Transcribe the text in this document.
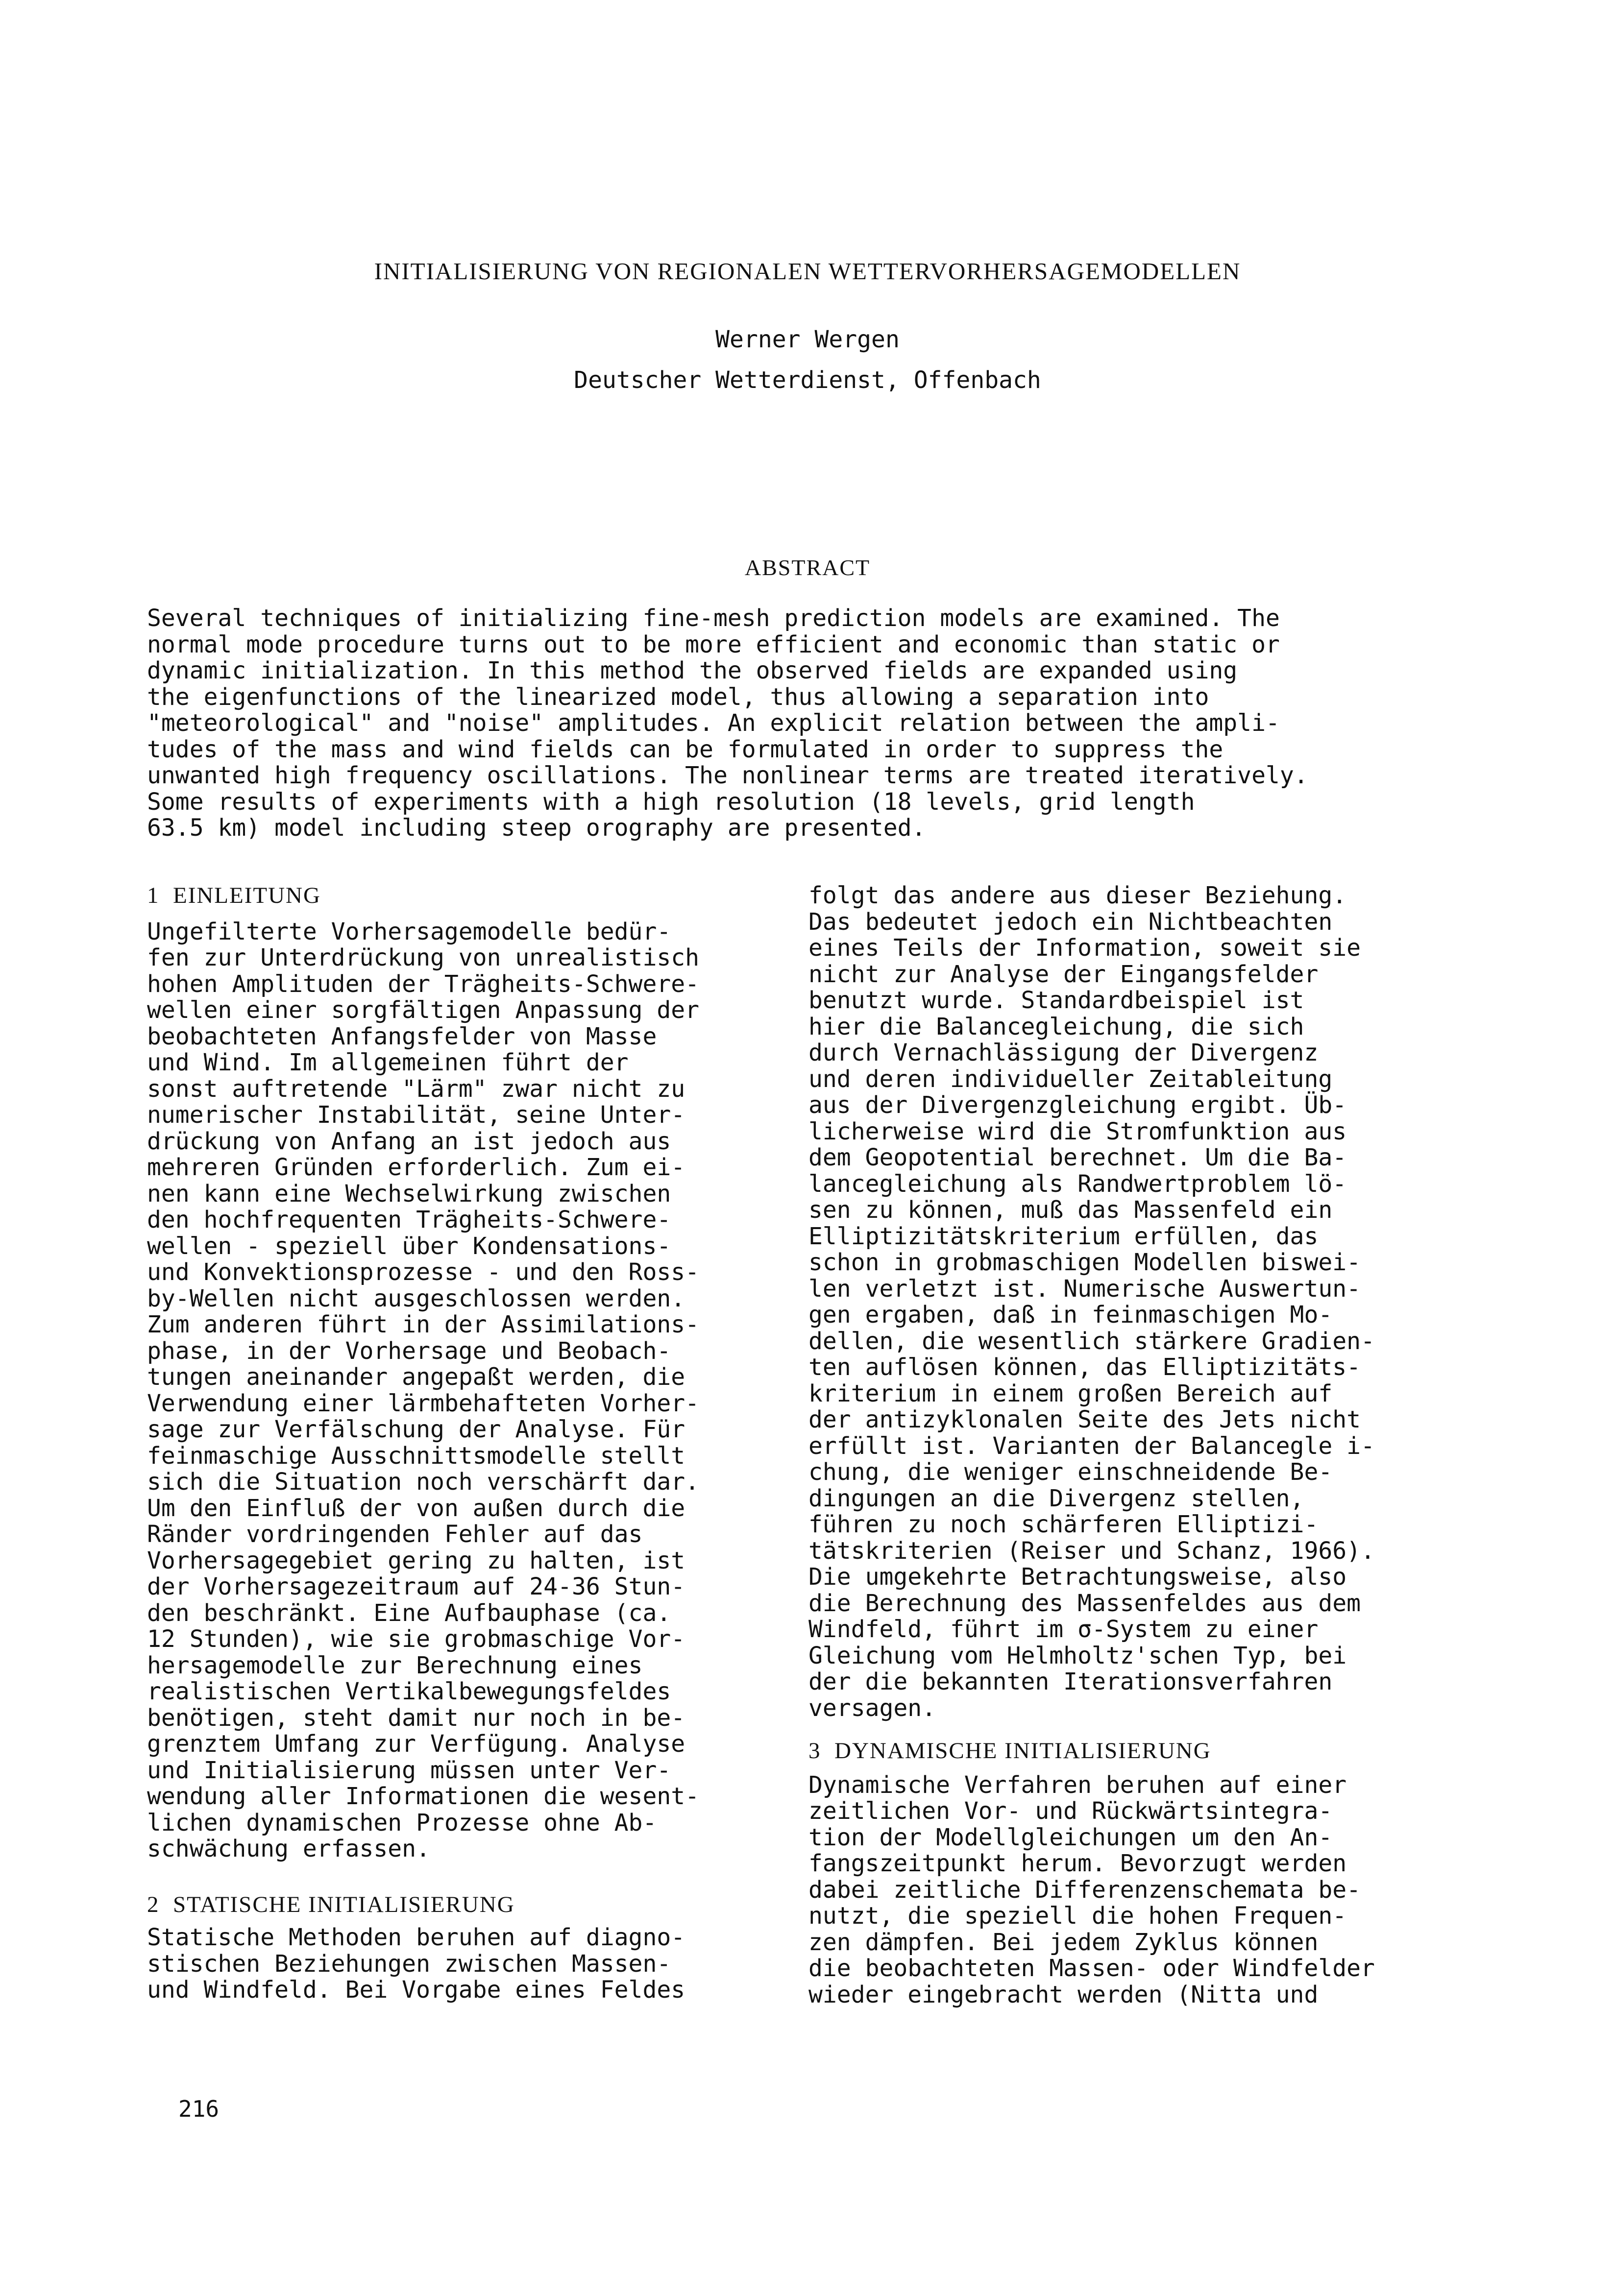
INITIALISIERUNG VON REGIONALEN WETTERVORHERSAGEMODELLEN
Werner Wergen
Deutscher Wetterdienst, Offenbach
ABSTRACT
Several techniques of initializing fine-mesh prediction models are examined. The
normal mode procedure turns out to be more efficient and economic than static or
dynamic initialization. In this method the observed fields are expanded using
the eigenfunctions of the linearized model, thus allowing a separation into
"meteorological" and "noise" amplitudes. An explicit relation between the ampli-
tudes of the mass and wind fields can be formulated in order to suppress the
unwanted high frequency oscillations. The nonlinear terms are treated iteratively.
Some results of experiments with a high resolution (18 levels, grid length
63.5 km) model including steep orography are presented.
1  EINLEITUNG
Ungefilterte Vorhersagemodelle bedür-
fen zur Unterdrückung von unrealistisch
hohen Amplituden der Trägheits-Schwere-
wellen einer sorgfältigen Anpassung der
beobachteten Anfangsfelder von Masse
und Wind. Im allgemeinen führt der
sonst auftretende "Lärm" zwar nicht zu
numerischer Instabilität, seine Unter-
drückung von Anfang an ist jedoch aus
mehreren Gründen erforderlich. Zum ei-
nen kann eine Wechselwirkung zwischen
den hochfrequenten Trägheits-Schwere-
wellen - speziell über Kondensations-
und Konvektionsprozesse - und den Ross-
by-Wellen nicht ausgeschlossen werden.
Zum anderen führt in der Assimilations-
phase, in der Vorhersage und Beobach-
tungen aneinander angepaßt werden, die
Verwendung einer lärmbehafteten Vorher-
sage zur Verfälschung der Analyse. Für
feinmaschige Ausschnittsmodelle stellt
sich die Situation noch verschärft dar.
Um den Einfluß der von außen durch die
Ränder vordringenden Fehler auf das
Vorhersagegebiet gering zu halten, ist
der Vorhersagezeitraum auf 24-36 Stun-
den beschränkt. Eine Aufbauphase (ca.
12 Stunden), wie sie grobmaschige Vor-
hersagemodelle zur Berechnung eines
realistischen Vertikalbewegungsfeldes
benötigen, steht damit nur noch in be-
grenztem Umfang zur Verfügung. Analyse
und Initialisierung müssen unter Ver-
wendung aller Informationen die wesent-
lichen dynamischen Prozesse ohne Ab-
schwächung erfassen.
2  STATISCHE INITIALISIERUNG
Statische Methoden beruhen auf diagno-
stischen Beziehungen zwischen Massen-
und Windfeld. Bei Vorgabe eines Feldes
folgt das andere aus dieser Beziehung.
Das bedeutet jedoch ein Nichtbeachten
eines Teils der Information, soweit sie
nicht zur Analyse der Eingangsfelder
benutzt wurde. Standardbeispiel ist
hier die Balancegleichung, die sich
durch Vernachlässigung der Divergenz
und deren individueller Zeitableitung
aus der Divergenzgleichung ergibt. Üb-
licherweise wird die Stromfunktion aus
dem Geopotential berechnet. Um die Ba-
lancegleichung als Randwertproblem lö-
sen zu können, muß das Massenfeld ein
Elliptizitätskriterium erfüllen, das
schon in grobmaschigen Modellen biswei-
len verletzt ist. Numerische Auswertun-
gen ergaben, daß in feinmaschigen Mo-
dellen, die wesentlich stärkere Gradien-
ten auflösen können, das Elliptizitäts-
kriterium in einem großen Bereich auf
der antizyklonalen Seite des Jets nicht
erfüllt ist. Varianten der Balancegle i-
chung, die weniger einschneidende Be-
dingungen an die Divergenz stellen,
führen zu noch schärferen Elliptizi-
tätskriterien (Reiser und Schanz, 1966).
Die umgekehrte Betrachtungsweise, also
die Berechnung des Massenfeldes aus dem
Windfeld, führt im σ-System zu einer
Gleichung vom Helmholtz'schen Typ, bei
der die bekannten Iterationsverfahren
versagen.
3  DYNAMISCHE INITIALISIERUNG
Dynamische Verfahren beruhen auf einer
zeitlichen Vor- und Rückwärtsintegra-
tion der Modellgleichungen um den An-
fangszeitpunkt herum. Bevorzugt werden
dabei zeitliche Differenzenschemata be-
nutzt, die speziell die hohen Frequen-
zen dämpfen. Bei jedem Zyklus können
die beobachteten Massen- oder Windfelder
wieder eingebracht werden (Nitta und
216
